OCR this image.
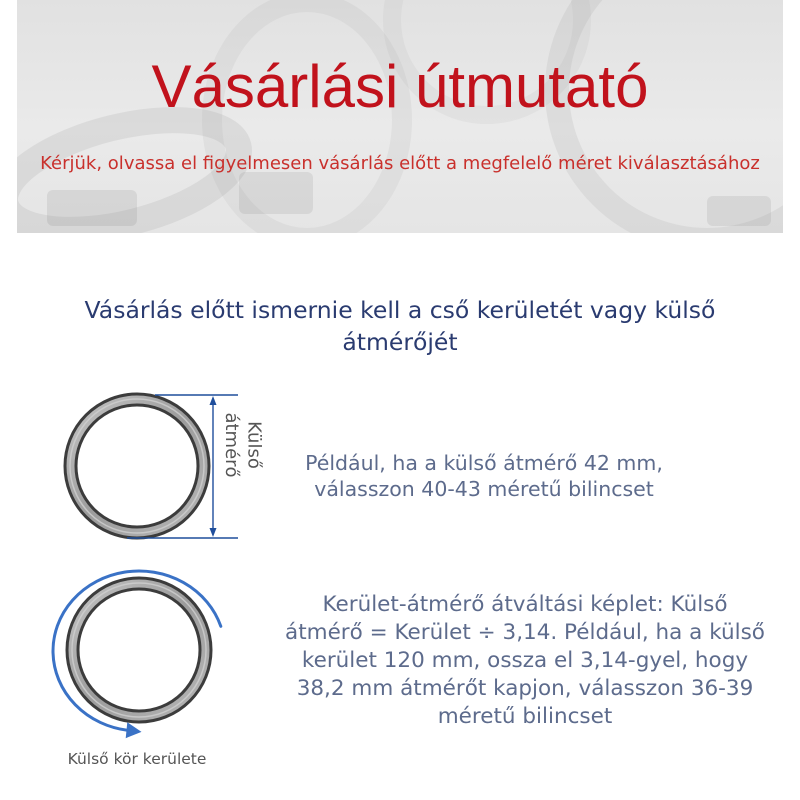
Vásárlási útmutató
Kérjük, olvassa el figyelmesen vásárlás előtt a megfelelő méret kiválasztásához
Vásárlás előtt ismernie kell a cső kerületét vagy külső
átmérőjét
Külső
átmérő	Például, ha a külső átmérő 42 mm,
válasszon 40-43 méretű bilincset
Kerület-átmérő átváltási képlet: Külső
átmérő = Kerület ÷ 3,14. Például, ha a külső
kerület 120 mm, ossza el 3,14-gyel, hogy
38,2 mm átmérőt kapjon, válasszon 36-39
méretű bilincset
Külső kör kerülete
